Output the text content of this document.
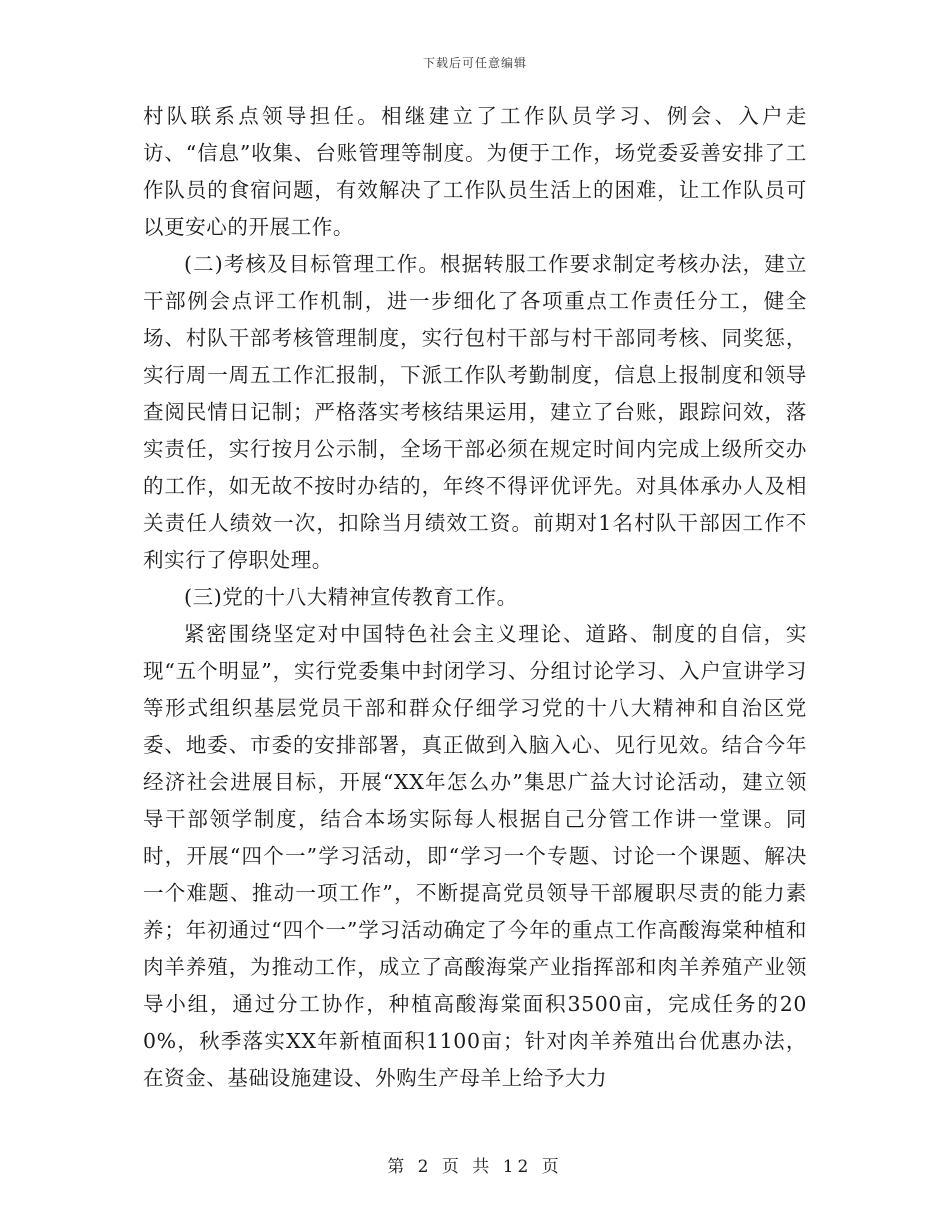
下载后可任意编辑

村队联系点领导担任。相继建立了工作队员学习、例会、入户走访、“信息”收集、台账管理等制度。为便于工作，场党委妥善安排了工作队员的食宿问题，有效解决了工作队员生活上的困难，让工作队员可以更安心的开展工作。

(二)考核及目标管理工作。根据转服工作要求制定考核办法，建立干部例会点评工作机制，进一步细化了各项重点工作责任分工，健全场、村队干部考核管理制度，实行包村干部与村干部同考核、同奖惩，实行周一周五工作汇报制，下派工作队考勤制度，信息上报制度和领导查阅民情日记制；严格落实考核结果运用，建立了台账，跟踪问效，落实责任，实行按月公示制，全场干部必须在规定时间内完成上级所交办的工作，如无故不按时办结的，年终不得评优评先。对具体承办人及相关责任人绩效一次，扣除当月绩效工资。前期对1名村队干部因工作不利实行了停职处理。

(三)党的十八大精神宣传教育工作。

紧密围绕坚定对中国特色社会主义理论、道路、制度的自信，实现“五个明显”，实行党委集中封闭学习、分组讨论学习、入户宣讲学习等形式组织基层党员干部和群众仔细学习党的十八大精神和自治区党委、地委、市委的安排部署，真正做到入脑入心、见行见效。结合今年经济社会进展目标，开展“XX年怎么办”集思广益大讨论活动，建立领导干部领学制度，结合本场实际每人根据自己分管工作讲一堂课。同时，开展“四个一”学习活动，即“学习一个专题、讨论一个课题、解决一个难题、推动一项工作”，不断提高党员领导干部履职尽责的能力素养；年初通过“四个一”学习活动确定了今年的重点工作高酸海棠种植和肉羊养殖，为推动工作，成立了高酸海棠产业指挥部和肉羊养殖产业领导小组，通过分工协作，种植高酸海棠面积3500亩，完成任务的200%，秋季落实XX年新植面积1100亩；针对肉羊养殖出台优惠办法，在资金、基础设施建设、外购生产母羊上给予大力

第 2 页 共 12 页
